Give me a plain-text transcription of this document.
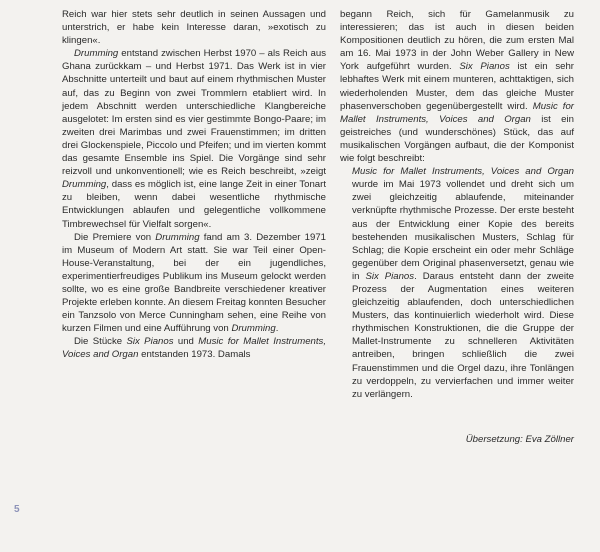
Reich war hier stets sehr deutlich in seinen Aussagen und unterstrich, er habe kein Interesse daran, »exotisch zu klingen«.

Drumming entstand zwischen Herbst 1970 – als Reich aus Ghana zurückkam – und Herbst 1971. Das Werk ist in vier Abschnitte unterteilt und baut auf einem rhythmischen Muster auf, das zu Beginn von zwei Trommlern etabliert wird. In jedem Abschnitt werden unterschiedliche Klangbereiche ausgelotet: Im ersten sind es vier gestimmte Bongo-Paare; im zweiten drei Marimbas und zwei Frauenstimmen; im dritten drei Glockenspiele, Piccolo und Pfeifen; und im vierten kommt das gesamte Ensemble ins Spiel. Die Vorgänge sind sehr reizvoll und unkonventionell; wie es Reich beschreibt, »zeigt Drumming, dass es möglich ist, eine lange Zeit in einer Tonart zu bleiben, wenn dabei wesentliche rhythmische Entwicklungen ablaufen und gelegentliche vollkommene Timbrewechsel für Vielfalt sorgen«.

Die Premiere von Drumming fand am 3. Dezember 1971 im Museum of Modern Art statt. Sie war Teil einer Open-House-Veranstaltung, bei der ein jugendliches, experimentierfreudiges Publikum ins Museum gelockt werden sollte, wo es eine große Bandbreite verschiedener kreativer Projekte erleben konnte. An diesem Freitag konnten Besucher ein Tanzsolo von Merce Cunningham sehen, eine Reihe von kurzen Filmen und eine Aufführung von Drumming.

Die Stücke Six Pianos und Music for Mallet Instruments, Voices and Organ entstanden 1973. Damals

begann Reich, sich für Gamelanmusik zu interessieren; das ist auch in diesen beiden Kompositionen deutlich zu hören, die zum ersten Mal am 16. Mai 1973 in der John Weber Gallery in New York aufgeführt wurden. Six Pianos ist ein sehr lebhaftes Werk mit einem munteren, achttaktigen, sich wiederholenden Muster, dem das gleiche Muster phasenverschoben gegenübergestellt wird. Music for Mallet Instruments, Voices and Organ ist ein geistreiches (und wunderschönes) Stück, das auf musikalischen Vorgängen aufbaut, die der Komponist wie folgt beschreibt:

Music for Mallet Instruments, Voices and Organ wurde im Mai 1973 vollendet und dreht sich um zwei gleichzeitig ablaufende, miteinander verknüpfte rhythmische Prozesse. Der erste besteht aus der Entwicklung einer Kopie des bereits bestehenden musikalischen Musters, Schlag für Schlag; die Kopie erscheint ein oder mehr Schläge gegenüber dem Original phasenversetzt, genau wie in Six Pianos. Daraus entsteht dann der zweite Prozess der Augmentation eines weiteren gleichzeitig ablaufenden, doch unterschiedlichen Musters, das kontinuierlich wiederholt wird. Diese rhythmischen Konstruktionen, die die Gruppe der Mallet-Instrumente zu schnelleren Aktivitäten antreiben, bringen schließlich die zwei Frauenstimmen und die Orgel dazu, ihre Tonlängen zu verdoppeln, zu vervierfachen und immer weiter zu verlängern.

Übersetzung: Eva Zöllner
5
